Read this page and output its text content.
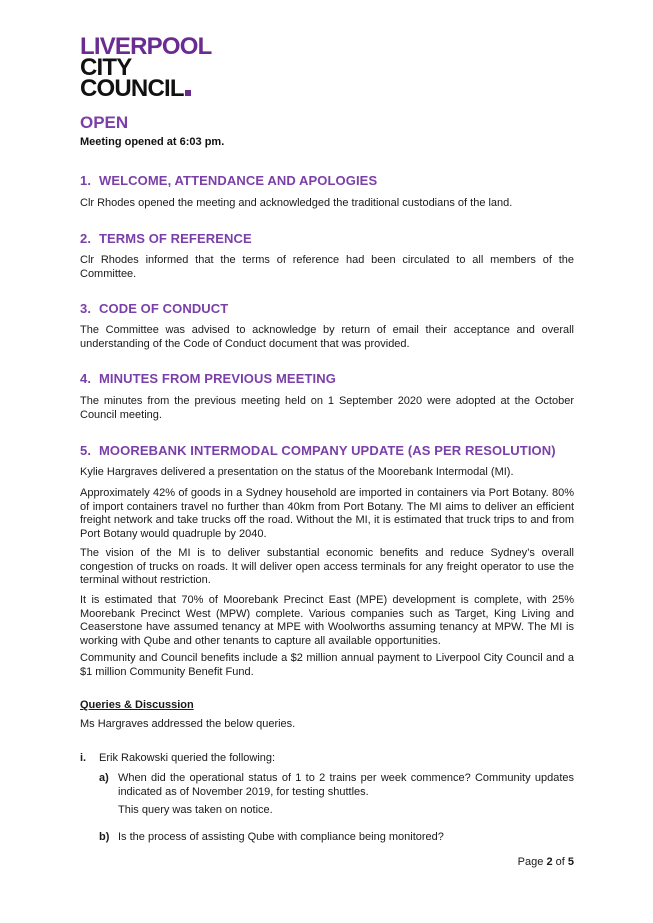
LIVERPOOL
CITY
COUNCIL
OPEN
Meeting opened at 6:03 pm.
1. WELCOME, ATTENDANCE AND APOLOGIES
Clr Rhodes opened the meeting and acknowledged the traditional custodians of the land.
2. TERMS OF REFERENCE
Clr Rhodes informed that the terms of reference had been circulated to all members of the Committee.
3. CODE OF CONDUCT
The Committee was advised to acknowledge by return of email their acceptance and overall understanding of the Code of Conduct document that was provided.
4. MINUTES FROM PREVIOUS MEETING
The minutes from the previous meeting held on 1 September 2020 were adopted at the October Council meeting.
5. MOOREBANK INTERMODAL COMPANY UPDATE (AS PER RESOLUTION)
Kylie Hargraves delivered a presentation on the status of the Moorebank Intermodal (MI).
Approximately 42% of goods in a Sydney household are imported in containers via Port Botany. 80% of import containers travel no further than 40km from Port Botany. The MI aims to deliver an efficient freight network and take trucks off the road. Without the MI, it is estimated that truck trips to and from Port Botany would quadruple by 2040.
The vision of the MI is to deliver substantial economic benefits and reduce Sydney’s overall congestion of trucks on roads. It will deliver open access terminals for any freight operator to use the terminal without restriction.
It is estimated that 70% of Moorebank Precinct East (MPE) development is complete, with 25% Moorebank Precinct West (MPW) complete. Various companies such as Target, King Living and Ceaserstone have assumed tenancy at MPE with Woolworths assuming tenancy at MPW. The MI is working with Qube and other tenants to capture all available opportunities.
Community and Council benefits include a $2 million annual payment to Liverpool City Council and a $1 million Community Benefit Fund.
Queries & Discussion
Ms Hargraves addressed the below queries.
i. Erik Rakowski queried the following:
a) When did the operational status of 1 to 2 trains per week commence? Community updates indicated as of November 2019, for testing shuttles.
This query was taken on notice.
b) Is the process of assisting Qube with compliance being monitored?
Page 2 of 5
